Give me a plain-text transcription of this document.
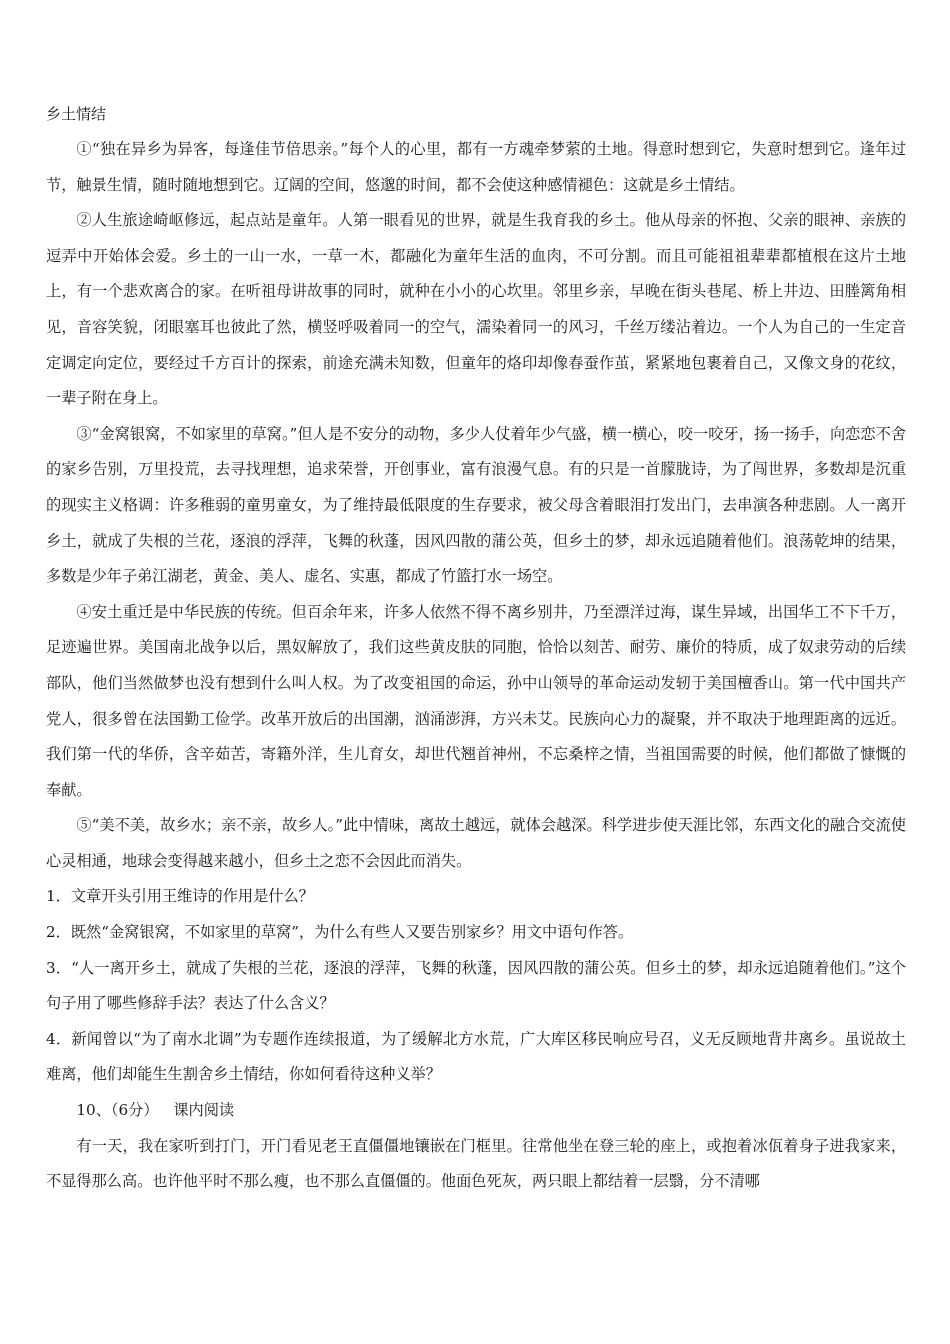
乡土情结

①“独在异乡为异客，每逢佳节倍思亲。”每个人的心里，都有一方魂牵梦萦的土地。得意时想到它，失意时想到它。逢年过节，触景生情，随时随地想到它。辽阔的空间，悠邈的时间，都不会使这种感情褪色：这就是乡土情结。

②人生旅途崎岖修远，起点站是童年。人第一眼看见的世界，就是生我育我的乡土。他从母亲的怀抱、父亲的眼神、亲族的逗弄中开始体会爱。乡土的一山一水，一草一木，都融化为童年生活的血肉，不可分割。而且可能祖祖辈辈都植根在这片土地上，有一个悲欢离合的家。在听祖母讲故事的同时，就种在小小的心坎里。邻里乡亲，早晚在街头巷尾、桥上井边、田塍篱角相见，音容笑貌，闭眼塞耳也彼此了然，横竖呼吸着同一的空气，濡染着同一的风习，千丝万缕沾着边。一个人为自己的一生定音定调定向定位，要经过千方百计的探索，前途充满未知数，但童年的烙印却像春蚕作茧，紧紧地包裹着自己，又像文身的花纹，一辈子附在身上。

③“金窝银窝，不如家里的草窝。”但人是不安分的动物，多少人仗着年少气盛，横一横心，咬一咬牙，扬一扬手，向恋恋不舍的家乡告别，万里投荒，去寻找理想，追求荣誉，开创事业，富有浪漫气息。有的只是一首朦胧诗，为了闯世界，多数却是沉重的现实主义格调：许多稚弱的童男童女，为了维持最低限度的生存要求，被父母含着眼泪打发出门，去串演各种悲剧。人一离开乡土，就成了失根的兰花，逐浪的浮萍，飞舞的秋蓬，因风四散的蒲公英，但乡土的梦，却永远追随着他们。浪荡乾坤的结果，多数是少年子弟江湖老，黄金、美人、虚名、实惠，都成了竹篮打水一场空。

④安土重迁是中华民族的传统。但百余年来，许多人依然不得不离乡别井，乃至漂洋过海，谋生异域，出国华工不下千万，足迹遍世界。美国南北战争以后，黑奴解放了，我们这些黄皮肤的同胞，恰恰以刻苦、耐劳、廉价的特质，成了奴隶劳动的后续部队，他们当然做梦也没有想到什么叫人权。为了改变祖国的命运，孙中山领导的革命运动发轫于美国檀香山。第一代中国共产党人，很多曾在法国勤工俭学。改革开放后的出国潮，汹涌澎湃，方兴未艾。民族向心力的凝聚，并不取决于地理距离的远近。我们第一代的华侨，含辛茹苦，寄籍外洋，生儿育女，却世代翘首神州，不忘桑梓之情，当祖国需要的时候，他们都做了慷慨的奉献。

⑤“美不美，故乡水；亲不亲，故乡人。”此中情味，离故土越远，就体会越深。科学进步使天涯比邻，东西文化的融合交流使心灵相通，地球会变得越来越小，但乡土之恋不会因此而消失。

1．文章开头引用王维诗的作用是什么？

2．既然“金窝银窝，不如家里的草窝”，为什么有些人又要告别家乡？用文中语句作答。

3．“人一离开乡土，就成了失根的兰花，逐浪的浮萍，飞舞的秋蓬，因风四散的蒲公英。但乡土的梦，却永远追随着他们。”这个句子用了哪些修辞手法？表达了什么含义？

4．新闻曾以“为了南水北调”为专题作连续报道，为了缓解北方水荒，广大库区移民响应号召，义无反顾地背井离乡。虽说故土难离，他们却能生生割舍乡土情结，你如何看待这种义举？

10、（6分） 课内阅读

有一天，我在家听到打门，开门看见老王直僵僵地镶嵌在门框里。往常他坐在登三轮的座上，或抱着冰佤着身子进我家来，不显得那么高。也许他平时不那么瘦，也不那么直僵僵的。他面色死灰，两只眼上都结着一层翳，分不清哪
